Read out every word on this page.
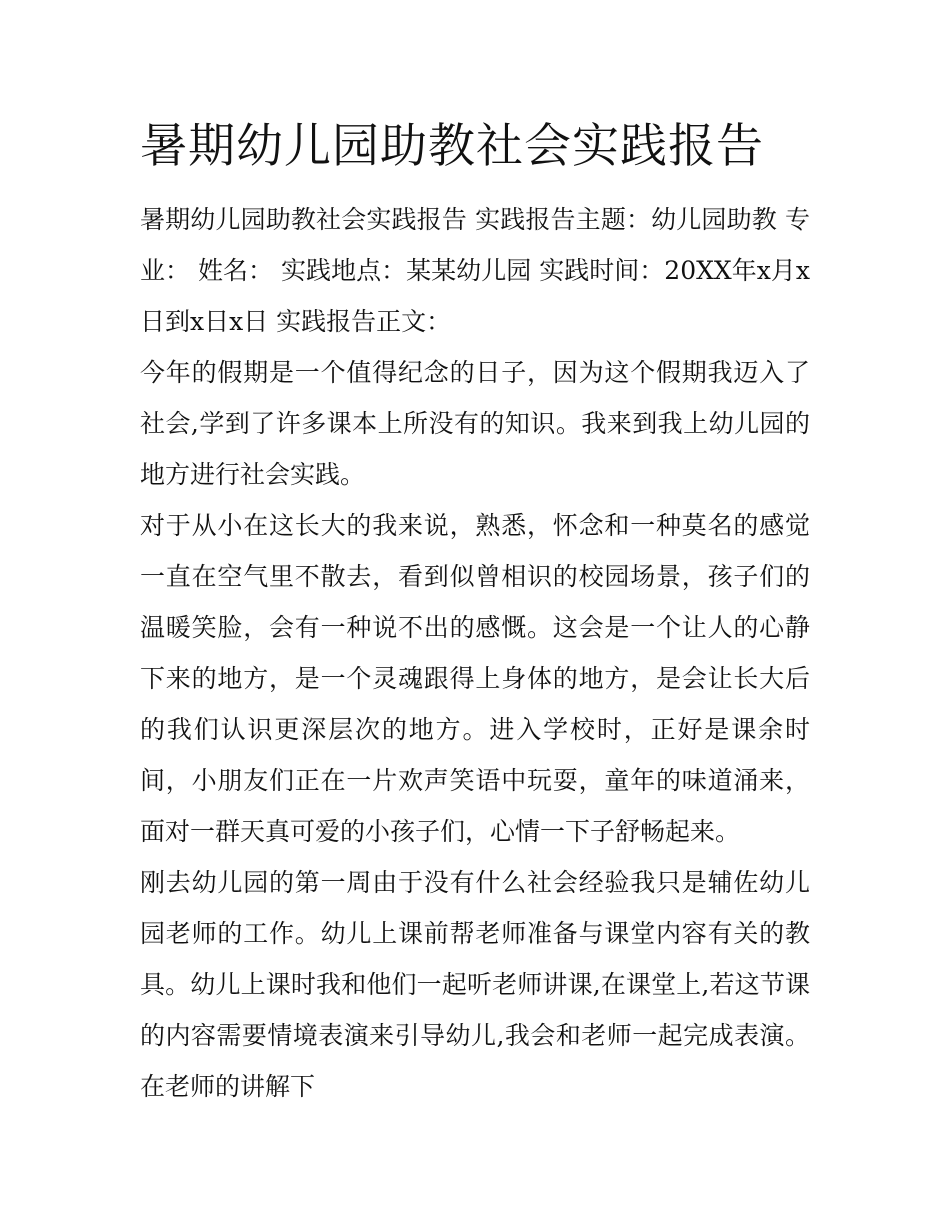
暑期幼儿园助教社会实践报告

暑期幼儿园助教社会实践报告 实践报告主题：幼儿园助教 专业： 姓名： 实践地点：某某幼儿园 实践时间：20XX年x月x日到x日x日 实践报告正文：

今年的假期是一个值得纪念的日子，因为这个假期我迈入了社会,学到了许多课本上所没有的知识。我来到我上幼儿园的地方进行社会实践。

对于从小在这长大的我来说，熟悉，怀念和一种莫名的感觉一直在空气里不散去，看到似曾相识的校园场景，孩子们的温暖笑脸，会有一种说不出的感慨。这会是一个让人的心静下来的地方，是一个灵魂跟得上身体的地方，是会让长大后的我们认识更深层次的地方。进入学校时，正好是课余时间，小朋友们正在一片欢声笑语中玩耍，童年的味道涌来，面对一群天真可爱的小孩子们，心情一下子舒畅起来。

刚去幼儿园的第一周由于没有什么社会经验我只是辅佐幼儿园老师的工作。幼儿上课前帮老师准备与课堂内容有关的教具。幼儿上课时我和他们一起听老师讲课,在课堂上,若这节课的内容需要情境表演来引导幼儿,我会和老师一起完成表演。在老师的讲解下
